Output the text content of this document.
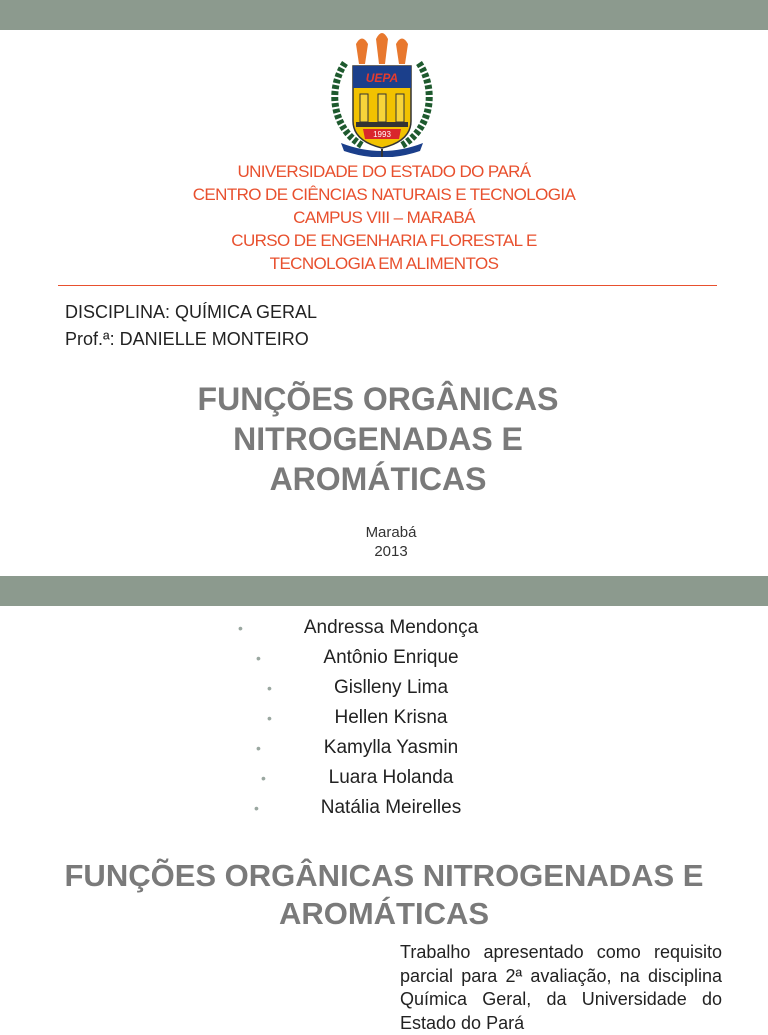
UEPA
1993
UNIVERSIDADE DO ESTADO DO PARÁ
CENTRO DE CIÊNCIAS NATURAIS E TECNOLOGIA
CAMPUS VIII – MARABÁ
CURSO DE ENGENHARIA FLORESTAL E
TECNOLOGIA EM ALIMENTOS
DISCIPLINA: QUÍMICA GERAL
Prof.ª: DANIELLE MONTEIRO
FUNÇÕES ORGÂNICAS
NITROGENADAS E
AROMÁTICAS
Marabá
2013
•	Andressa Mendonça
•	Antônio Enrique
•	Gislleny Lima
•	Hellen Krisna
•	Kamylla Yasmin
•	Luara Holanda
•	Natália Meirelles
FUNÇÕES ORGÂNICAS NITROGENADAS E
AROMÁTICAS
Trabalho apresentado como requisito parcial para 2ª avaliação, na disciplina Química Geral, da Universidade do Estado do Pará
